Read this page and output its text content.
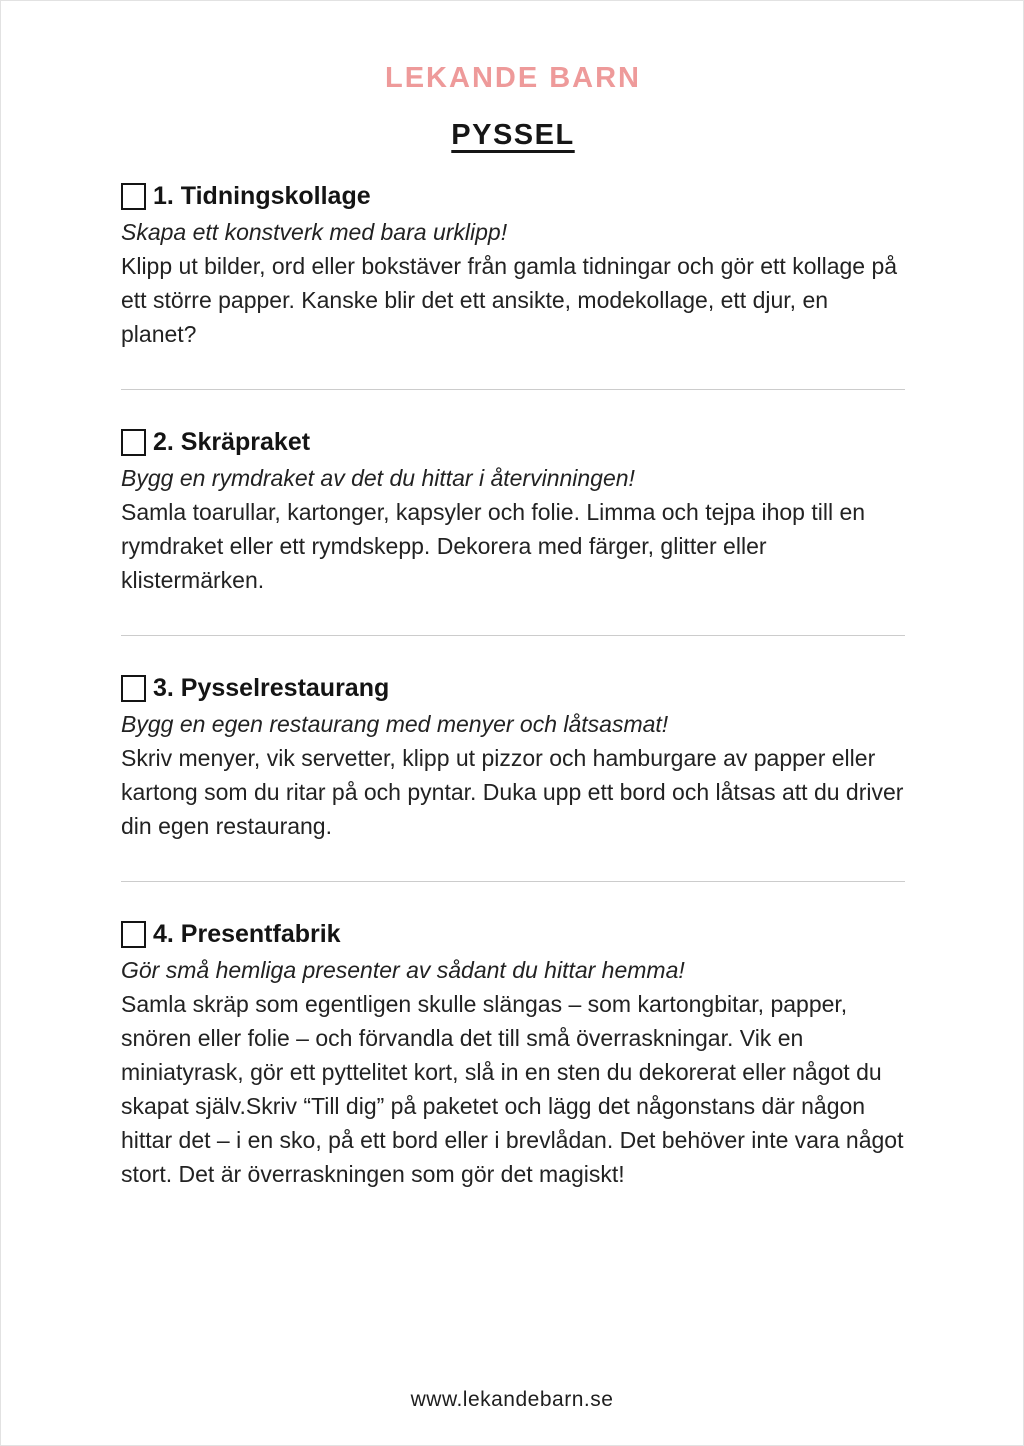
LEKANDE BARN
PYSSEL
1. Tidningskollage

Skapa ett konstverk med bara urklipp!

Klipp ut bilder, ord eller bokstäver från gamla tidningar och gör ett kollage på ett större papper. Kanske blir det ett ansikte, modekollage, ett djur, en planet?

2. Skräpraket

Bygg en rymdraket av det du hittar i återvinningen!

Samla toarullar, kartonger, kapsyler och folie. Limma och tejpa ihop till en rymdraket eller ett rymdskepp. Dekorera med färger, glitter eller klistermärken.

3. Pysselrestaurang

Bygg en egen restaurang med menyer och låtsasmat!

Skriv menyer, vik servetter, klipp ut pizzor och hamburgare av papper eller kartong som du ritar på och pyntar. Duka upp ett bord och låtsas att du driver din egen restaurang.

4. Presentfabrik

Gör små hemliga presenter av sådant du hittar hemma!

Samla skräp som egentligen skulle slängas – som kartongbitar, papper, snören eller folie – och förvandla det till små överraskningar. Vik en miniatyrask, gör ett pyttelitet kort, slå in en sten du dekorerat eller något du skapat själv.Skriv “Till dig” på paketet och lägg det någonstans där någon hittar det – i en sko, på ett bord eller i brevlådan. Det behöver inte vara något stort. Det är överraskningen som gör det magiskt!

www.lekandebarn.se
